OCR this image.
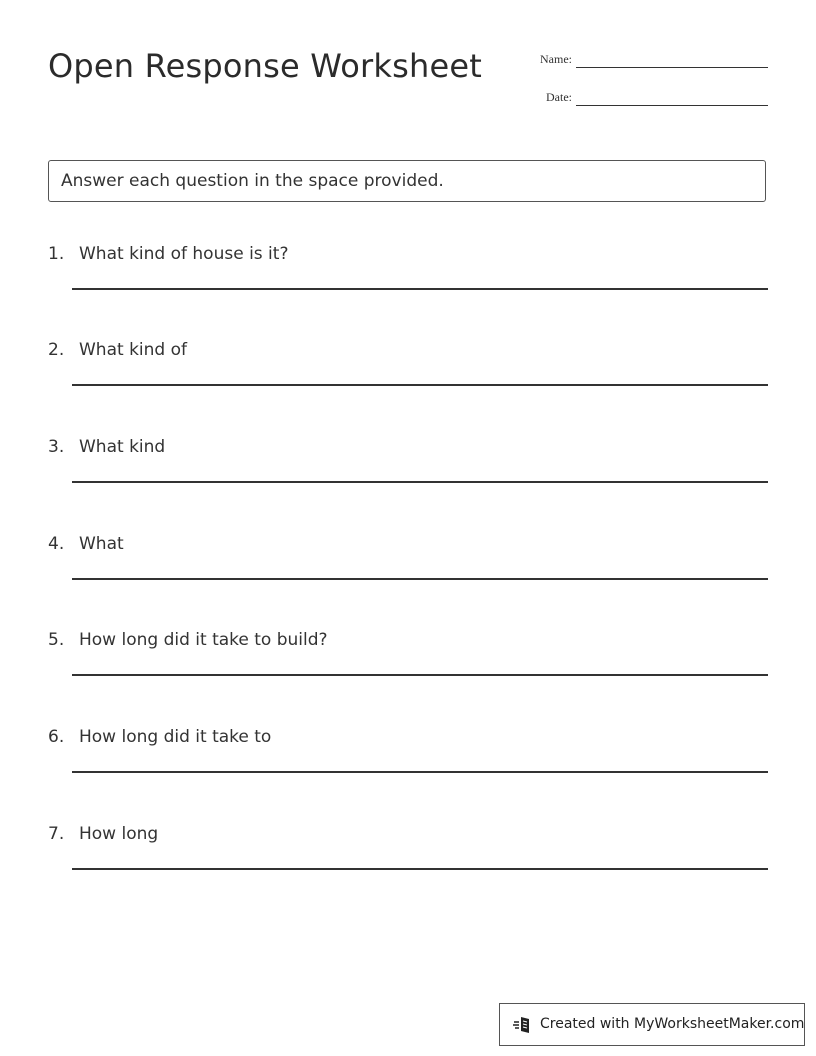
Open Response Worksheet	Name:
Date:
Answer each question in the space provided.
1. What kind of house is it?
2. What kind of
3. What kind
4. What
5. How long did it take to build?
6. How long did it take to
7. How long
Created with MyWorksheetMaker.com
